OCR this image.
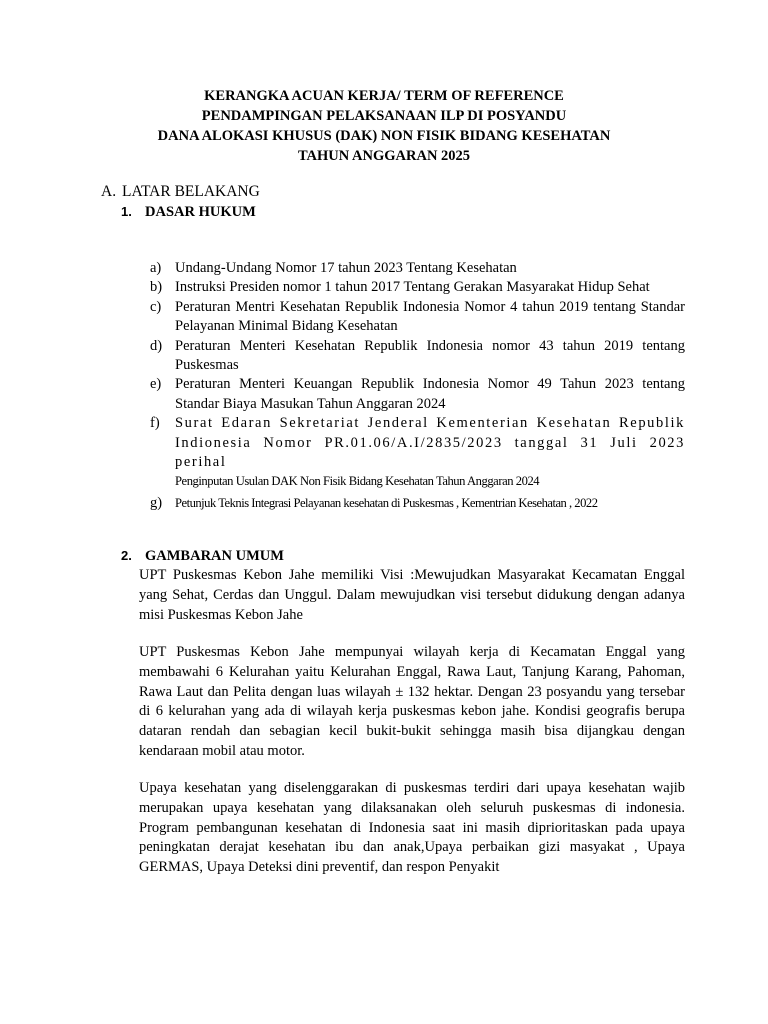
KERANGKA ACUAN KERJA/ TERM OF REFERENCE
PENDAMPINGAN PELAKSANAAN ILP DI POSYANDU
DANA ALOKASI KHUSUS (DAK) NON FISIK BIDANG KESEHATAN
TAHUN ANGGARAN 2025
A. LATAR BELAKANG
1. DASAR HUKUM
a) Undang-Undang Nomor 17 tahun 2023 Tentang Kesehatan
b) Instruksi Presiden nomor 1 tahun 2017 Tentang Gerakan Masyarakat Hidup Sehat
c) Peraturan Mentri Kesehatan Republik Indonesia Nomor 4 tahun 2019 tentang Standar Pelayanan Minimal Bidang Kesehatan
d) Peraturan Menteri Kesehatan Republik Indonesia nomor 43 tahun 2019 tentang Puskesmas
e) Peraturan Menteri Keuangan Republik Indonesia Nomor 49 Tahun 2023 tentang Standar Biaya Masukan Tahun Anggaran 2024
f) Surat Edaran Sekretariat Jenderal Kementerian Kesehatan Republik Indionesia Nomor PR.01.06/A.I/2835/2023 tanggal 31 Juli 2023 perihal
Penginputan Usulan DAK Non Fisik Bidang Kesehatan Tahun Anggaran 2024
g) Petunjuk Teknis Integrasi Pelayanan kesehatan di Puskesmas , Kementrian Kesehatan , 2022
2. GAMBARAN UMUM

UPT Puskesmas Kebon Jahe memiliki Visi :Mewujudkan Masyarakat Kecamatan Enggal yang Sehat, Cerdas dan Unggul. Dalam mewujudkan visi tersebut didukung dengan adanya misi Puskesmas Kebon Jahe

UPT Puskesmas Kebon Jahe mempunyai wilayah kerja di Kecamatan Enggal yang membawahi 6 Kelurahan yaitu Kelurahan Enggal, Rawa Laut, Tanjung Karang, Pahoman, Rawa Laut dan Pelita dengan luas wilayah ± 132 hektar. Dengan 23 posyandu yang tersebar di 6 kelurahan yang ada di wilayah kerja puskesmas kebon jahe. Kondisi geografis berupa dataran rendah dan sebagian kecil bukit-bukit sehingga masih bisa dijangkau dengan kendaraan mobil atau motor.

Upaya kesehatan yang diselenggarakan di puskesmas terdiri dari upaya kesehatan wajib merupakan upaya kesehatan yang dilaksanakan oleh seluruh puskesmas di indonesia. Program pembangunan kesehatan di Indonesia saat ini masih diprioritaskan pada upaya peningkatan derajat kesehatan ibu dan anak,Upaya perbaikan gizi masyakat , Upaya GERMAS, Upaya Deteksi dini preventif, dan respon Penyakit
